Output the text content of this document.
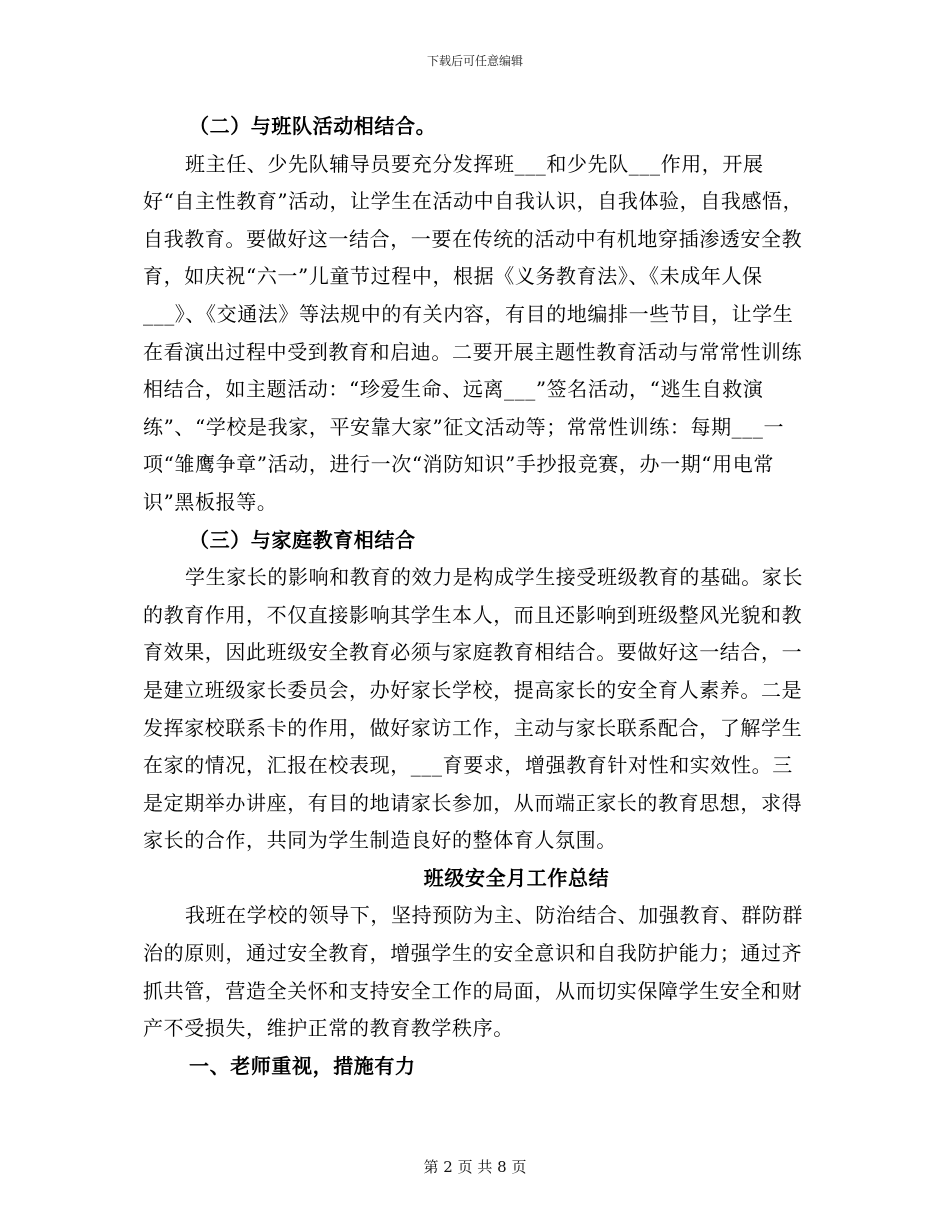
下载后可任意编辑

（二）与班队活动相结合。

班主任、少先队辅导员要充分发挥班___和少先队___作用，开展好“自主性教育”活动，让学生在活动中自我认识，自我体验，自我感悟，自我教育。要做好这一结合，一要在传统的活动中有机地穿插渗透安全教育，如庆祝“六一”儿童节过程中，根据《义务教育法》、《未成年人保___》、《交通法》等法规中的有关内容，有目的地编排一些节目，让学生在看演出过程中受到教育和启迪。二要开展主题性教育活动与常常性训练相结合，如主题活动：“珍爱生命、远离___”签名活动，“逃生自救演练”、“学校是我家，平安靠大家”征文活动等；常常性训练：每期___一项“雏鹰争章”活动，进行一次“消防知识”手抄报竞赛，办一期“用电常识”黑板报等。

（三）与家庭教育相结合

学生家长的影响和教育的效力是构成学生接受班级教育的基础。家长的教育作用，不仅直接影响其学生本人，而且还影响到班级整风光貌和教育效果，因此班级安全教育必须与家庭教育相结合。要做好这一结合，一是建立班级家长委员会，办好家长学校，提高家长的安全育人素养。二是发挥家校联系卡的作用，做好家访工作，主动与家长联系配合，了解学生在家的情况，汇报在校表现，___育要求，增强教育针对性和实效性。三是定期举办讲座，有目的地请家长参加，从而端正家长的教育思想，求得家长的合作，共同为学生制造良好的整体育人氛围。

班级安全月工作总结

我班在学校的领导下，坚持预防为主、防治结合、加强教育、群防群治的原则，通过安全教育，增强学生的安全意识和自我防护能力；通过齐抓共管，营造全关怀和支持安全工作的局面，从而切实保障学生安全和财产不受损失，维护正常的教育教学秩序。

一、老师重视，措施有力

第 2 页 共 8 页
